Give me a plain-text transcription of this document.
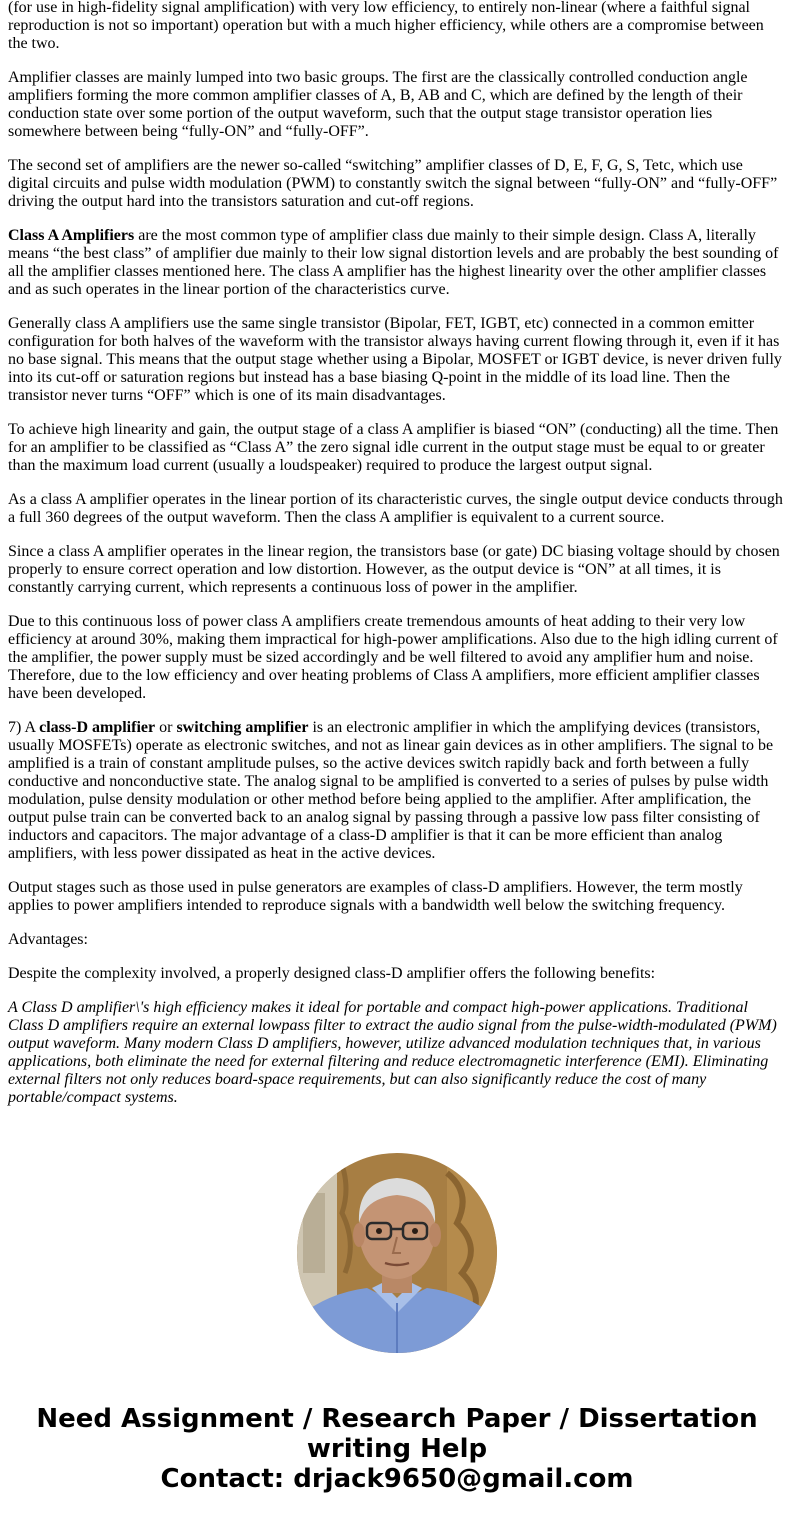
(for use in high-fidelity signal amplification) with very low efficiency, to entirely non-linear (where a faithful signal reproduction is not so important) operation but with a much higher efficiency, while others are a compromise between the two.

Amplifier classes are mainly lumped into two basic groups. The first are the classically controlled conduction angle amplifiers forming the more common amplifier classes of A, B, AB and C, which are defined by the length of their conduction state over some portion of the output waveform, such that the output stage transistor operation lies somewhere between being “fully-ON” and “fully-OFF”.

The second set of amplifiers are the newer so-called “switching” amplifier classes of D, E, F, G, S, Tetc, which use digital circuits and pulse width modulation (PWM) to constantly switch the signal between “fully-ON” and “fully-OFF” driving the output hard into the transistors saturation and cut-off regions.

Class A Amplifiers are the most common type of amplifier class due mainly to their simple design. Class A, literally means “the best class” of amplifier due mainly to their low signal distortion levels and are probably the best sounding of all the amplifier classes mentioned here. The class A amplifier has the highest linearity over the other amplifier classes and as such operates in the linear portion of the characteristics curve.

Generally class A amplifiers use the same single transistor (Bipolar, FET, IGBT, etc) connected in a common emitter configuration for both halves of the waveform with the transistor always having current flowing through it, even if it has no base signal. This means that the output stage whether using a Bipolar, MOSFET or IGBT device, is never driven fully into its cut-off or saturation regions but instead has a base biasing Q-point in the middle of its load line. Then the transistor never turns “OFF” which is one of its main disadvantages.

To achieve high linearity and gain, the output stage of a class A amplifier is biased “ON” (conducting) all the time. Then for an amplifier to be classified as “Class A” the zero signal idle current in the output stage must be equal to or greater than the maximum load current (usually a loudspeaker) required to produce the largest output signal.

As a class A amplifier operates in the linear portion of its characteristic curves, the single output device conducts through a full 360 degrees of the output waveform. Then the class A amplifier is equivalent to a current source.

Since a class A amplifier operates in the linear region, the transistors base (or gate) DC biasing voltage should by chosen properly to ensure correct operation and low distortion. However, as the output device is “ON” at all times, it is constantly carrying current, which represents a continuous loss of power in the amplifier.

Due to this continuous loss of power class A amplifiers create tremendous amounts of heat adding to their very low efficiency at around 30%, making them impractical for high-power amplifications. Also due to the high idling current of the amplifier, the power supply must be sized accordingly and be well filtered to avoid any amplifier hum and noise. Therefore, due to the low efficiency and over heating problems of Class A amplifiers, more efficient amplifier classes have been developed.

7) A class-D amplifier or switching amplifier is an electronic amplifier in which the amplifying devices (transistors, usually MOSFETs) operate as electronic switches, and not as linear gain devices as in other amplifiers. The signal to be amplified is a train of constant amplitude pulses, so the active devices switch rapidly back and forth between a fully conductive and nonconductive state. The analog signal to be amplified is converted to a series of pulses by pulse width modulation, pulse density modulation or other method before being applied to the amplifier. After amplification, the output pulse train can be converted back to an analog signal by passing through a passive low pass filter consisting of inductors and capacitors. The major advantage of a class-D amplifier is that it can be more efficient than analog amplifiers, with less power dissipated as heat in the active devices.

Output stages such as those used in pulse generators are examples of class-D amplifiers. However, the term mostly applies to power amplifiers intended to reproduce signals with a bandwidth well below the switching frequency.

Advantages:

Despite the complexity involved, a properly designed class-D amplifier offers the following benefits:

A Class D amplifier\'s high efficiency makes it ideal for portable and compact high-power applications. Traditional Class D amplifiers require an external lowpass filter to extract the audio signal from the pulse-width-modulated (PWM) output waveform. Many modern Class D amplifiers, however, utilize advanced modulation techniques that, in various applications, both eliminate the need for external filtering and reduce electromagnetic interference (EMI). Eliminating external filters not only reduces board-space requirements, but can also significantly reduce the cost of many portable/compact systems.

Need Assignment / Research Paper / Dissertation
writing Help
Contact: drjack9650@gmail.com
